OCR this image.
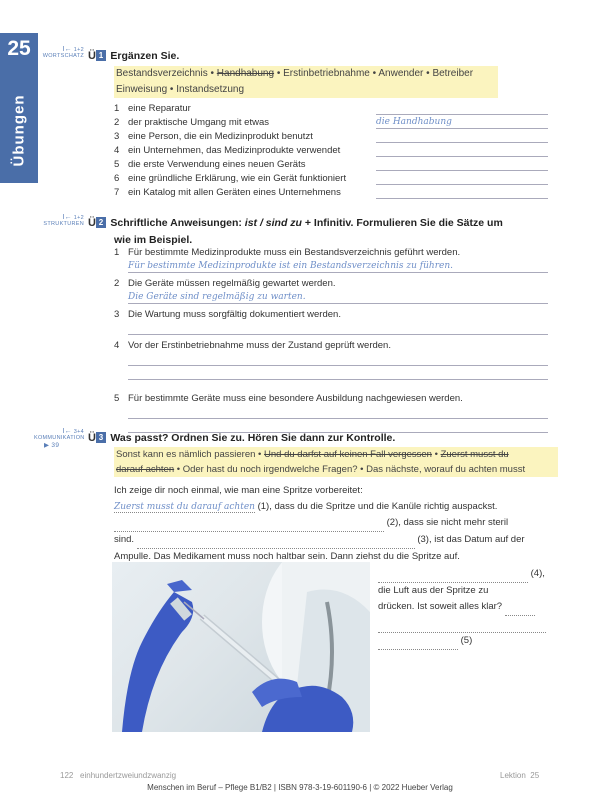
25
Übungen
I← 1+2
WORTSCHATZ Ü 1 Ergänzen Sie.
Bestandsverzeichnis • Handhabung • Erstinbetriebnahme • Anwender • Betreiber
Einweisung • Instandsetzung
1 eine Reparatur
2 der praktische Umgang mit etwas	die Handhabung
3 eine Person, die ein Medizinprodukt benutzt
4 ein Unternehmen, das Medizinprodukte verwendet
5 die erste Verwendung eines neuen Geräts
6 eine gründliche Erklärung, wie ein Gerät funktioniert
7 ein Katalog mit allen Geräten eines Unternehmens
I← 1+2
STRUKTUREN Ü 2 Schriftliche Anweisungen: ist / sind zu + Infinitiv. Formulieren Sie die Sätze um
wie im Beispiel.
1 Für bestimmte Medizinprodukte muss ein Bestandsverzeichnis geführt werden.
Für bestimmte Medizinprodukte ist ein Bestandsverzeichnis zu führen.
2 Die Geräte müssen regelmäßig gewartet werden.
Die Geräte sind regelmäßig zu warten.
3 Die Wartung muss sorgfältig dokumentiert werden.
4 Vor der Erstinbetriebnahme muss der Zustand geprüft werden.
5 Für bestimmte Geräte muss eine besondere Ausbildung nachgewiesen werden.
I← 3+4
KOMMUNIKATION
▶ 39
Ü 3 Was passt? Ordnen Sie zu. Hören Sie dann zur Kontrolle.
Sonst kann es nämlich passieren • Und du darfst auf keinen Fall vergessen • Zuerst musst du
darauf achten • Oder hast du noch irgendwelche Fragen? • Das nächste, worauf du achten musst
Ich zeige dir noch einmal, wie man eine Spritze vorbereitet:
Zuerst musst du darauf achten (1), dass du die Spritze und die Kanüle richtig auspackst.
(2), dass sie nicht mehr steril
sind.	(3), ist das Datum auf der
Ampulle. Das Medikament muss noch haltbar sein. Dann ziehst du die Spritze auf.
(4),
die Luft aus der Spritze zu
drücken. Ist soweit alles klar?

(5)
122 einhundertzweiundzwanzig	Lektion 25
Menschen im Beruf – Pflege B1/B2 | ISBN 978-3-19-601190-6 | © 2022 Hueber Verlag
